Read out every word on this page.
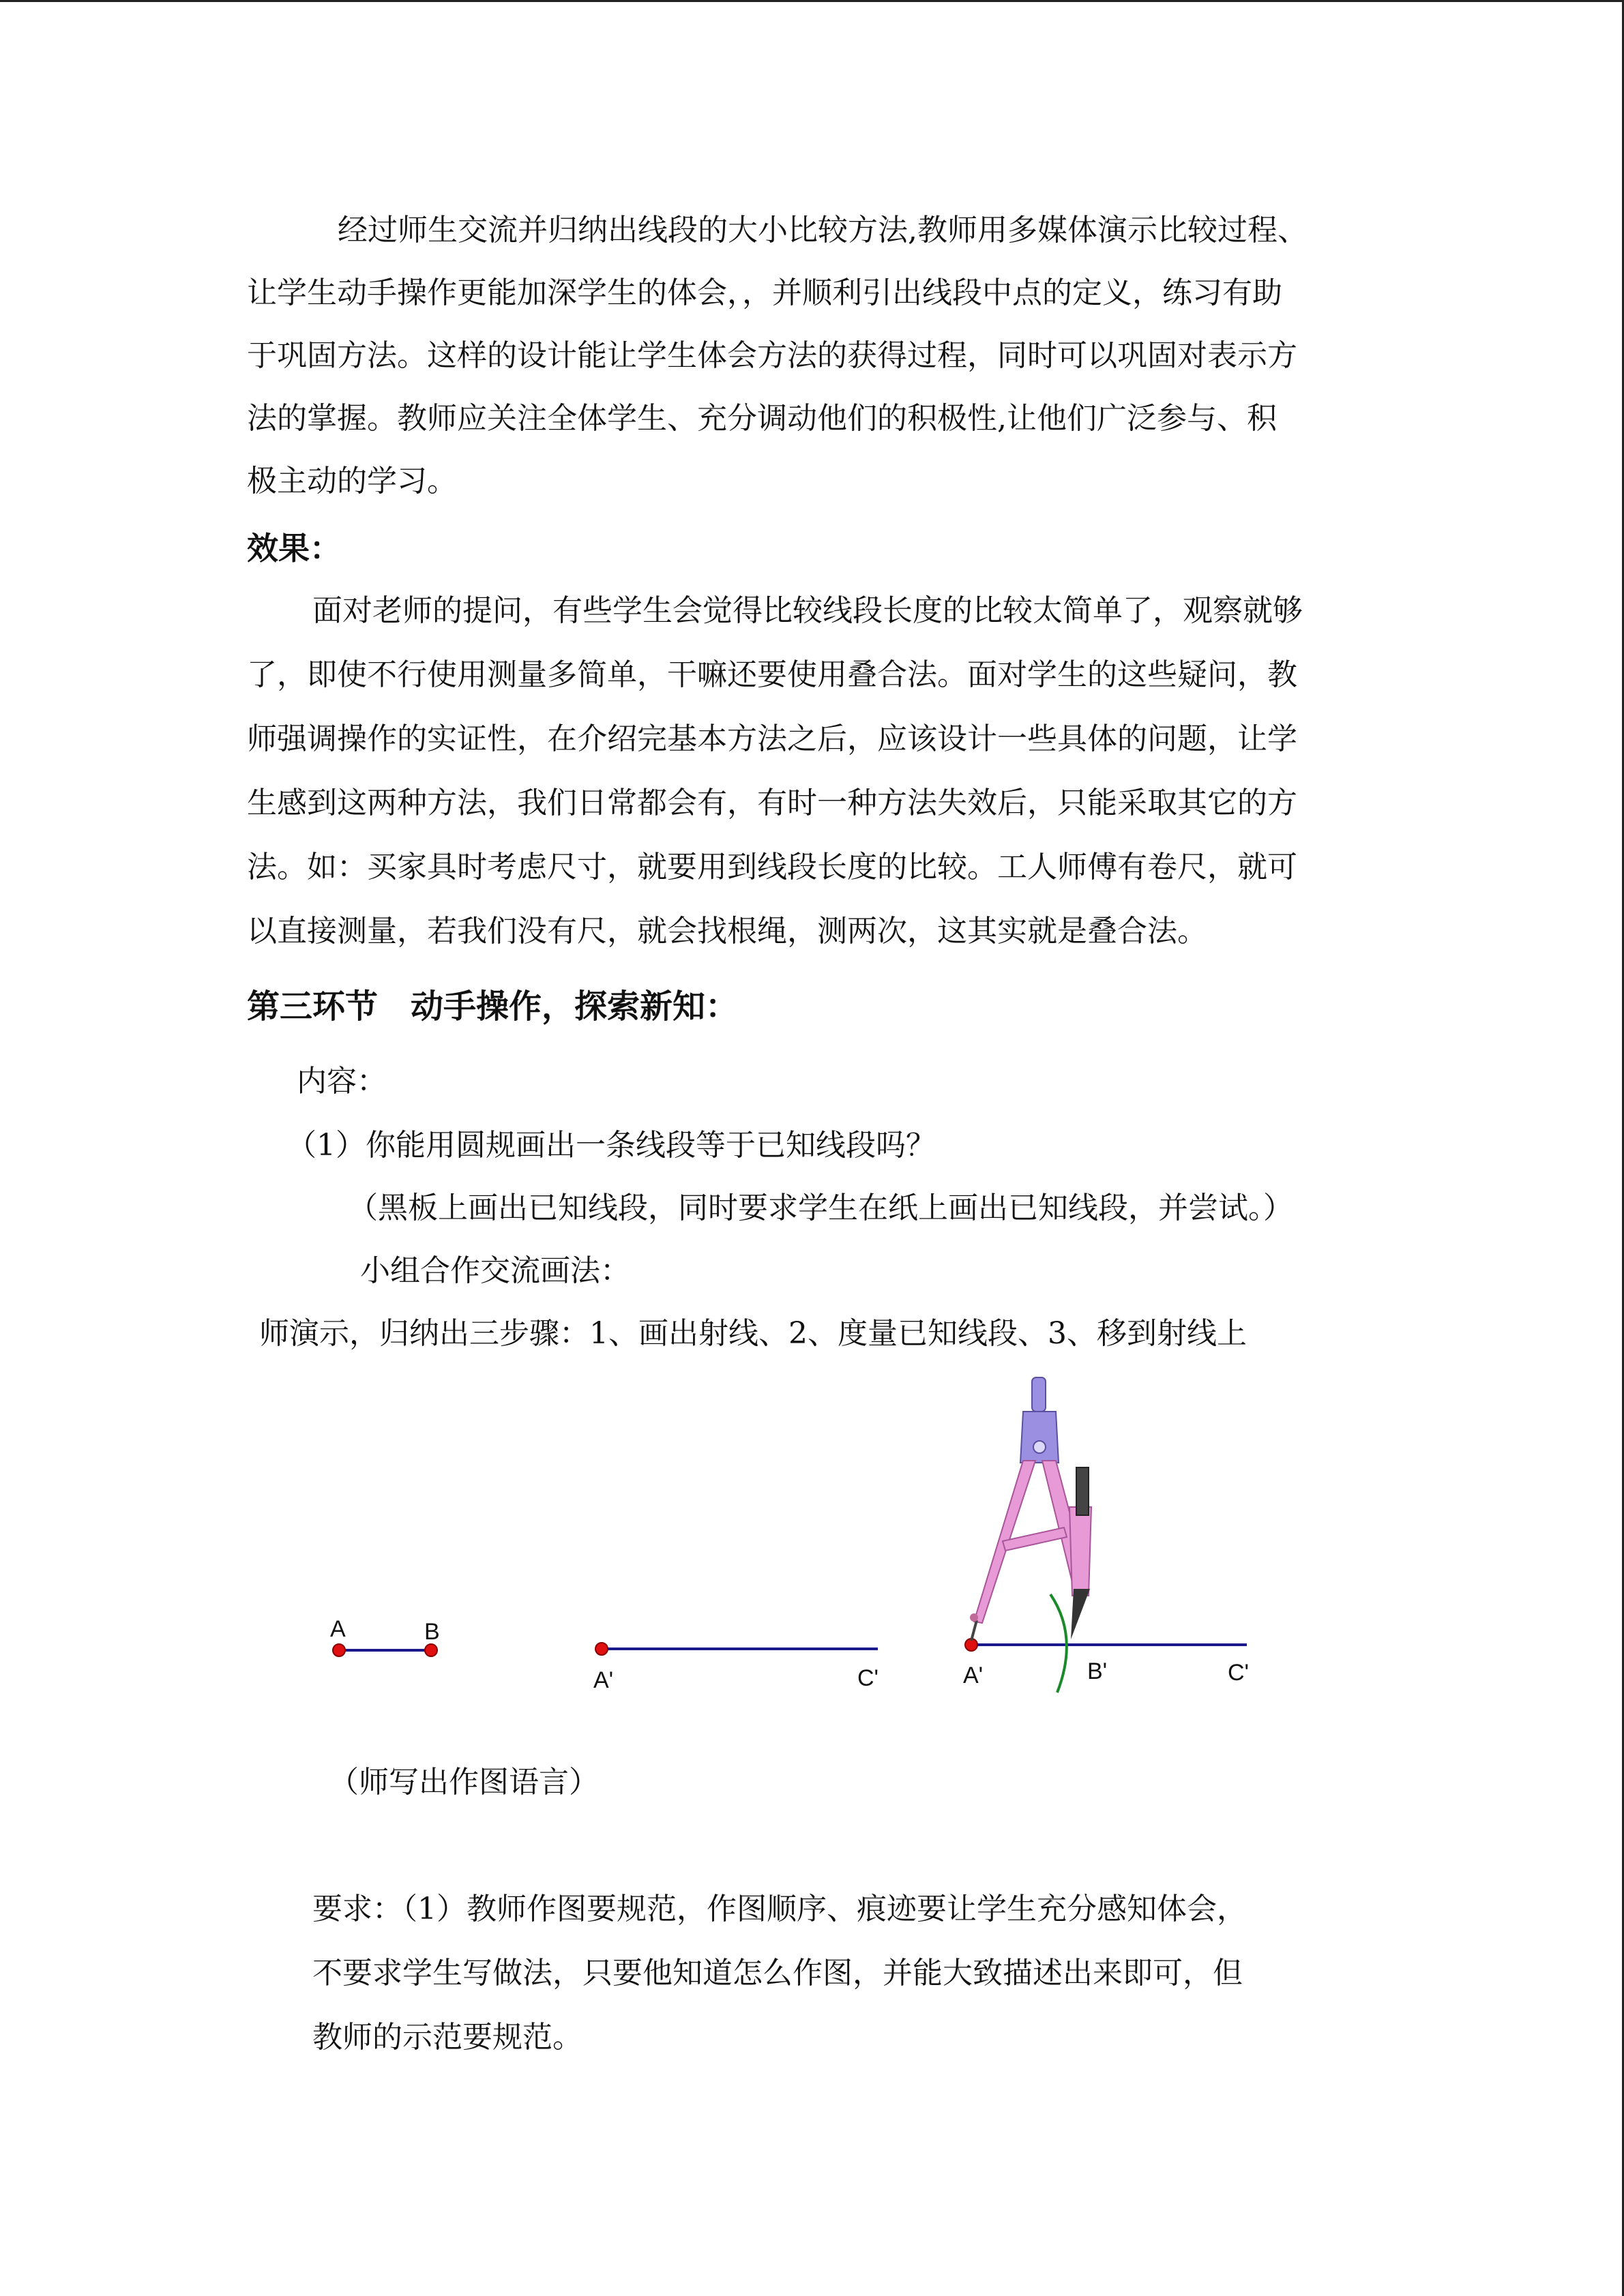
经过师生交流并归纳出线段的大小比较方法,教师用多媒体演示比较过程、
让学生动手操作更能加深学生的体会，，并顺利引出线段中点的定义，练习有助
于巩固方法。这样的设计能让学生体会方法的获得过程，同时可以巩固对表示方
法的掌握。教师应关注全体学生、充分调动他们的积极性,让他们广泛参与、积
极主动的学习。
效果：
面对老师的提问，有些学生会觉得比较线段长度的比较太简单了，观察就够
了，即使不行使用测量多简单，干嘛还要使用叠合法。面对学生的这些疑问，教
师强调操作的实证性，在介绍完基本方法之后，应该设计一些具体的问题，让学
生感到这两种方法，我们日常都会有，有时一种方法失效后，只能采取其它的方
法。如：买家具时考虑尺寸，就要用到线段长度的比较。工人师傅有卷尺，就可
以直接测量，若我们没有尺，就会找根绳，测两次，这其实就是叠合法。
第三环节　动手操作，探索新知：
内容：
（1）你能用圆规画出一条线段等于已知线段吗？
（黑板上画出已知线段，同时要求学生在纸上画出已知线段，并尝试。）
小组合作交流画法：
师演示，归纳出三步骤：1、画出射线、2、度量已知线段、3、移到射线上
A	B
A'	C'	A'	B'	C'
（师写出作图语言）
要求：（1）教师作图要规范，作图顺序、痕迹要让学生充分感知体会，
不要求学生写做法，只要他知道怎么作图，并能大致描述出来即可，但
教师的示范要规范。
